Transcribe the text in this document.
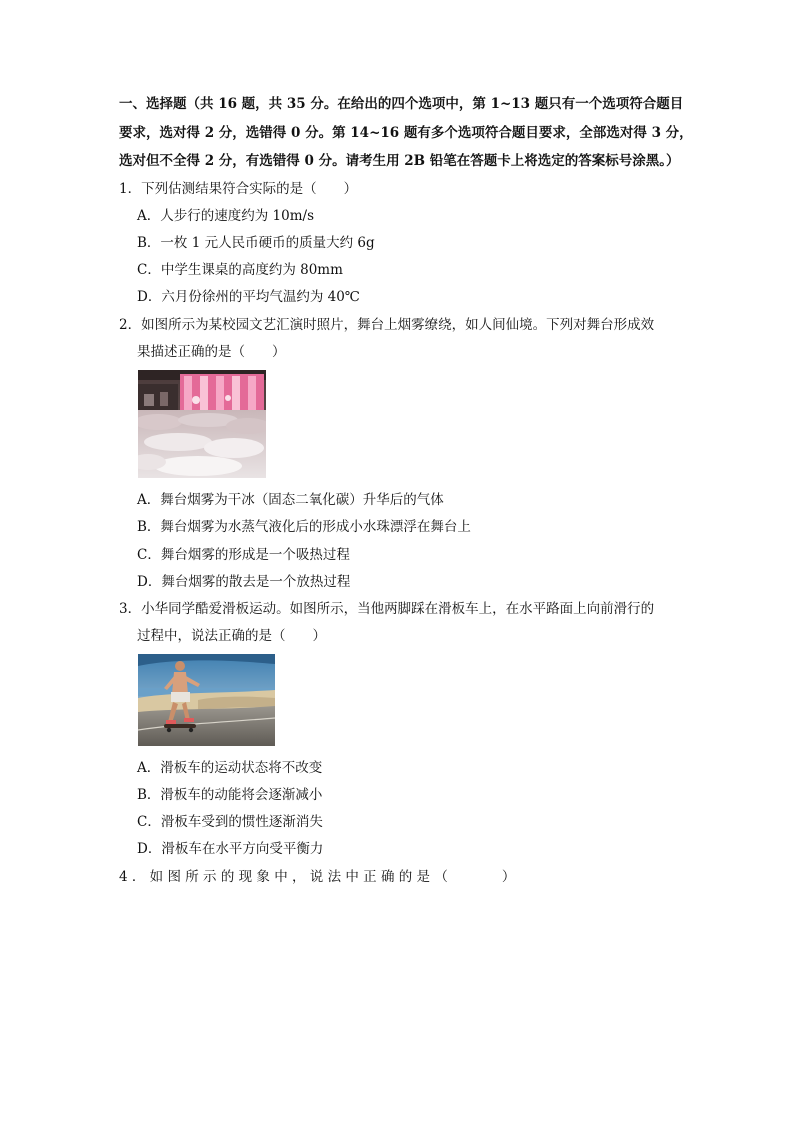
一、选择题（共 16 题，共 35 分。在给出的四个选项中，第 1~13 题只有一个选项符合题目
要求，选对得 2 分，选错得 0 分。第 14~16 题有多个选项符合题目要求，全部选对得 3 分，
选对但不全得 2 分，有选错得 0 分。请考生用 2B 铅笔在答题卡上将选定的答案标号涂黑。）
1．下列估测结果符合实际的是（　　）
A．人步行的速度约为 10m/s
B．一枚 1 元人民币硬币的质量大约 6g
C．中学生课桌的高度约为 80mm
D．六月份徐州的平均气温约为 40℃
2．如图所示为某校园文艺汇演时照片，舞台上烟雾缭绕，如人间仙境。下列对舞台形成效
果描述正确的是（　　）
A．舞台烟雾为干冰（固态二氧化碳）升华后的气体
B．舞台烟雾为水蒸气液化后的形成小水珠漂浮在舞台上
C．舞台烟雾的形成是一个吸热过程
D．舞台烟雾的散去是一个放热过程
3．小华同学酷爱滑板运动。如图所示，当他两脚踩在滑板车上，在水平路面上向前滑行的
过程中，说法正确的是（　　）
A．滑板车的运动状态将不改变
B．滑板车的动能将会逐渐减小
C．滑板车受到的惯性逐渐消失
D．滑板车在水平方向受平衡力
4 ． 如 图 所 示 的 现 象 中 ， 说 法 中 正 确 的 是 （　　　　）
